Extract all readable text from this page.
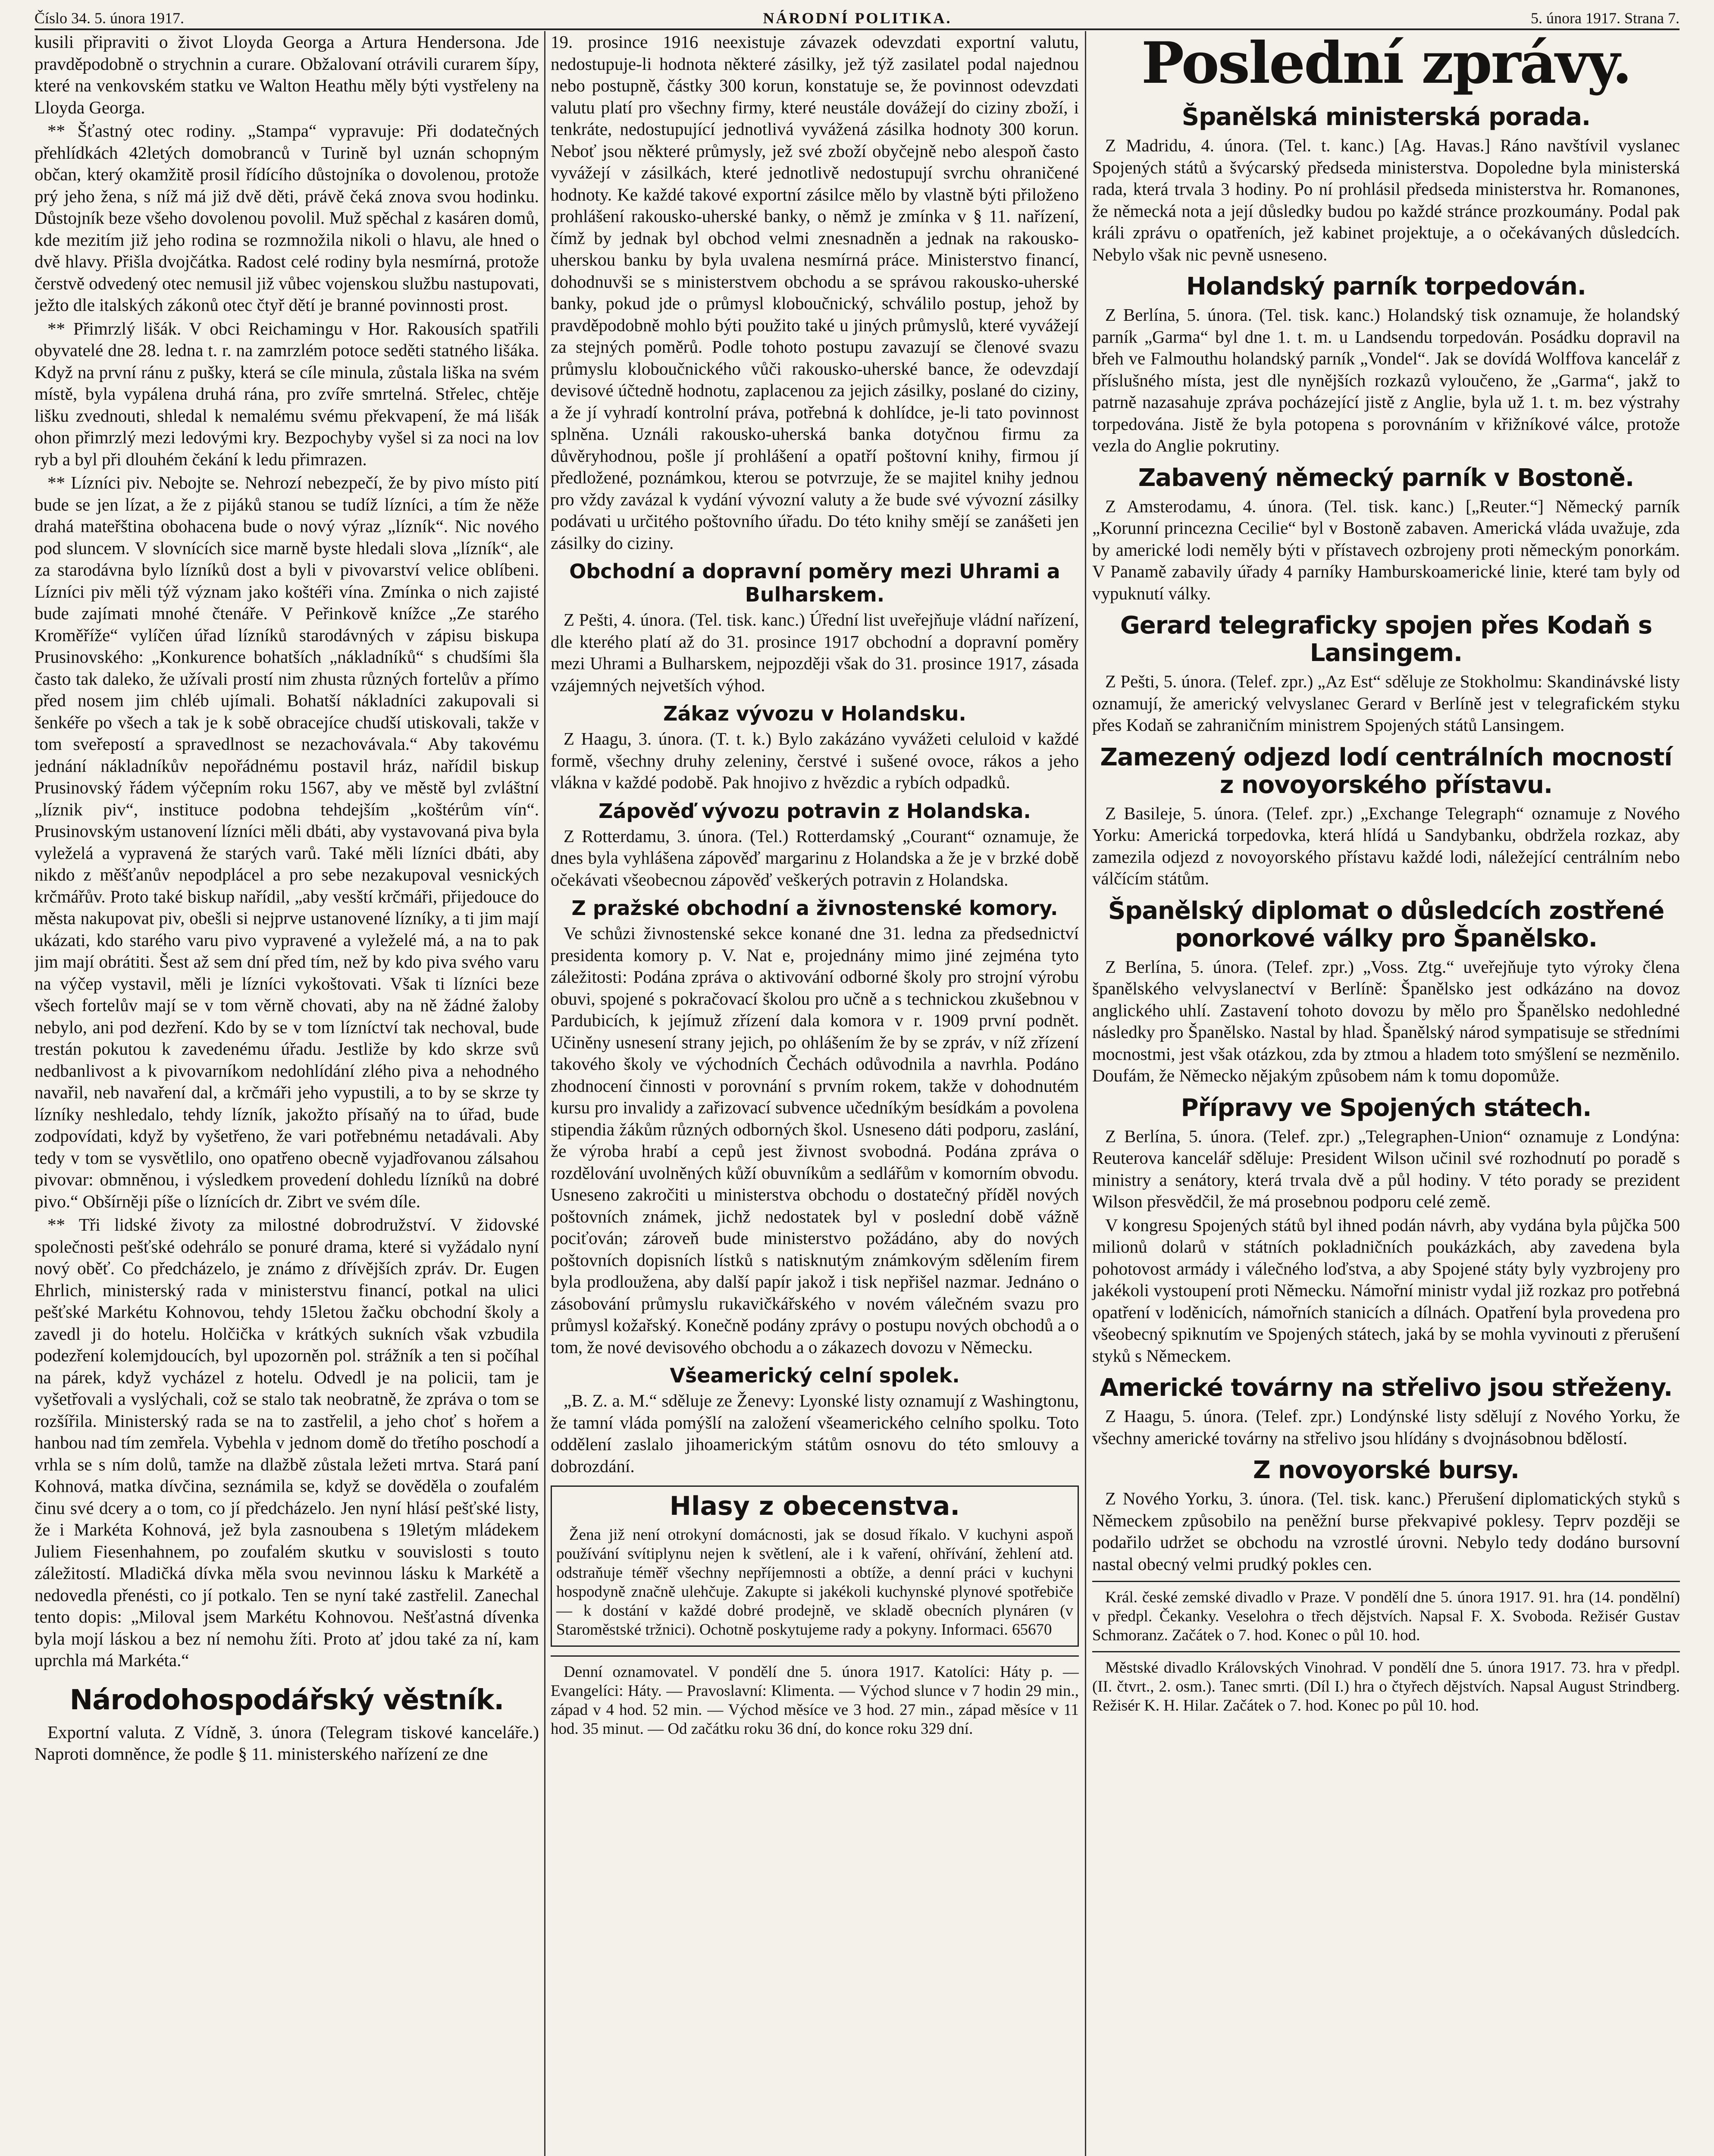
Číslo 34. 5. února 1917.	NÁRODNÍ POLITIKA.	5. února 1917. Strana 7.

kusili připraviti o život Lloyda Georga a Artura Hendersona. Jde pravděpodobně o strychnin a curare. Obžalovaní otrávili curarem šípy, které na venkovském statku ve Walton Heathu měly býti vystřeleny na Lloyda Georga.

** Šťastný otec rodiny. „Stampa“ vypravuje: Při dodatečných přehlídkách 42letých domobranců v Turině byl uznán schopným občan, který okamžitě prosil řídícího důstojníka o dovolenou, protože prý jeho žena, s níž má již dvě děti, právě čeká znova svou hodinku. Důstojník beze všeho dovolenou povolil. Muž spěchal z kasáren domů, kde mezitím již jeho rodina se rozmnožila nikoli o hlavu, ale hned o dvě hlavy. Přišla dvojčátka. Radost celé rodiny byla nesmírná, protože čerstvě odvedený otec nemusil již vůbec vojenskou službu nastupovati, ježto dle italských zákonů otec čtyř dětí je branné povinnosti prost.

** Přimrzlý lišák. V obci Reichamingu v Hor. Rakousích spatřili obyvatelé dne 28. ledna t. r. na zamrzlém potoce seděti statného lišáka. Když na první ránu z pušky, která se cíle minula, zůstala liška na svém místě, byla vypálena druhá rána, pro zvíře smrtelná. Střelec, chtěje lišku zvednouti, shledal k nemalému svému překvapení, že má lišák ohon přimrzlý mezi ledovými kry. Bezpochyby vyšel si za noci na lov ryb a byl při dlouhém čekání k ledu přimrazen.

** Lízníci piv. Nebojte se. Nehrozí nebezpečí, že by pivo místo pití bude se jen lízat, a že z pijáků stanou se tudíž lízníci, a tím že něže drahá mateřština obohacena bude o nový výraz „lízník“. Nic nového pod sluncem. V slovnících sice marně byste hledali slova „lízník“, ale za starodávna bylo lízníků dost a byli v pivovarství velice oblíbeni. Lízníci piv měli týž význam jako koštéři vína. Zmínka o nich zajisté bude zajímati mnohé čtenáře. V Peřinkově knížce „Ze starého Kroměříže“ vylíčen úřad lízníků starodávných v zápisu biskupa Prusinovského: „Konkurence bohatších „nákladníků“ s chudšími šla často tak daleko, že užívali prostí nim zhusta různých fortelův a přímo před nosem jim chléb ujímali. Bohatší nákladníci zakupovali si šenkéře po všech a tak je k sobě obracejíce chudší utiskovali, takže v tom sveřepostí a spravedlnost se nezachovávala.“ Aby takovému jednání nákladníkův nepořádnému postavil hráz, nařídil biskup Prusinovský řádem výčepním roku 1567, aby ve městě byl zvláštní „líznik piv“, instituce podobna tehdejším „koštérům vín“. Prusinovským ustanovení lízníci měli dbáti, aby vystavovaná piva byla vyleželá a vypravená že starých varů. Také měli lízníci dbáti, aby nikdo z měšťanův nepodplácel a pro sebe nezakupoval vesnických krčmářův. Proto také biskup nařídil, „aby vesští krčmáři, přijedouce do města nakupovat piv, obešli si nejprve ustanovené lízníky, a ti jim mají ukázati, kdo starého varu pivo vypravené a vyleželé má, a na to pak jim mají obrátiti. Šest až sem dní před tím, než by kdo piva svého varu na výčep vystavil, měli je lízníci vykoštovati. Však ti lízníci beze všech fortelův mají se v tom věrně chovati, aby na ně žádné žaloby nebylo, ani pod dezření. Kdo by se v tom lízníctví tak nechoval, bude trestán pokutou k zavedenému úřadu. Jestliže by kdo skrze svů nedbanlivost a k pivovarníkom nedohlídání zlého piva a nehodného navařil, neb navaření dal, a krčmáři jeho vypustili, a to by se skrze ty lízníky neshledalo, tehdy lízník, jakožto přísaňý na to úřad, bude zodpovídati, když by vyšetřeno, že vari potřebnému netadávali. Aby tedy v tom se vysvětlilo, ono opatřeno obecně vyjadřovanou zálsahou pivovar: obmněnou, i výsledkem provedení dohledu lízníků na dobré pivo.“ Obšírněji píše o líznících dr. Zibrt ve svém díle.

** Tři lidské životy za milostné dobrodružství. V židovské společnosti pešťské odehrálo se ponuré drama, které si vyžádalo nyní nový oběť. Co předcházelo, je známo z dřívějších zpráv. Dr. Eugen Ehrlich, ministerský rada v ministerstvu financí, potkal na ulici pešťské Markétu Kohnovou, tehdy 15letou žačku obchodní školy a zavedl ji do hotelu. Holčička v krátkých sukních však vzbudila podezření kolemjdoucích, byl upozorněn pol. strážník a ten si počíhal na párek, když vycházel z hotelu. Odvedl je na policii, tam je vyšetřovali a vyslýchali, což se stalo tak neobratně, že zpráva o tom se rozšířila. Ministerský rada se na to zastřelil, a jeho choť s hořem a hanbou nad tím zemřela. Vybehla v jednom domě do třetího poschodí a vrhla se s ním dolů, tamže na dlažbě zůstala ležeti mrtva. Stará paní Kohnová, matka dívčina, seznámila se, když se dověděla o zoufalém činu své dcery a o tom, co jí předcházelo. Jen nyní hlásí pešťské listy, že i Markéta Kohnová, jež byla zasnoubena s 19letým mládekem Juliem Fiesenhahnem, po zoufalém skutku v souvislosti s touto záležitostí. Mladičká dívka měla svou nevinnou lásku k Markétě a nedovedla přenésti, co jí potkalo. Ten se nyní také zastřelil. Zanechal tento dopis: „Miloval jsem Markétu Kohnovou. Nešťastná dívenka byla mojí láskou a bez ní nemohu žíti. Proto ať jdou také za ní, kam uprchla má Markéta.“

Národohospodářský věstník.

Exportní valuta. Z Vídně, 3. února (Telegram tiskové kanceláře.) Naproti domněnce, že podle § 11. ministerského nařízení ze dne

19. prosince 1916 neexistuje závazek odevzdati exportní valutu, nedostupuje-li hodnota některé zásilky, jež týž zasilatel podal najednou nebo postupně, částky 300 korun, konstatuje se, že povinnost odevzdati valutu platí pro všechny firmy, které neustále dovážejí do ciziny zboží, i tenkráte, nedostupující jednotlivá vyvážená zásilka hodnoty 300 korun. Neboť jsou některé průmysly, jež své zboží obyčejně nebo alespoň často vyvážejí v zásilkách, které jednotlivě nedostupují svrchu ohraničené hodnoty. Ke každé takové exportní zásilce mělo by vlastně býti přiloženo prohlášení rakousko-uherské banky, o němž je zmínka v § 11. nařízení, čímž by jednak byl obchod velmi znesnadněn a jednak na rakousko-uherskou banku by byla uvalena nesmírná práce. Ministerstvo financí, dohodnuvši se s ministerstvem obchodu a se správou rakousko-uherské banky, pokud jde o průmysl kloboučnický, schválilo postup, jehož by pravděpodobně mohlo býti použito také u jiných průmyslů, které vyvážejí za stejných poměrů. Podle tohoto postupu zavazují se členové svazu průmyslu kloboučnického vůči rakousko-uherské bance, že odevzdají devisové účtedně hodnotu, zaplacenou za jejich zásilky, poslané do ciziny, a že jí vyhradí kontrolní práva, potřebná k dohlídce, je-li tato povinnost splněna. Uználi rakousko-uherská banka dotyčnou firmu za důvěryhodnou, pošle jí prohlášení a opatří poštovní knihy, firmou jí předložené, poznámkou, kterou se potvrzuje, že se majitel knihy jednou pro vždy zavázal k vydání vývozní valuty a že bude své vývozní zásilky podávati u určitého poštovního úřadu. Do této knihy smějí se zanášeti jen zásilky do ciziny.

Obchodní a dopravní poměry mezi Uhrami a Bulharskem.

Z Pešti, 4. února. (Tel. tisk. kanc.) Úřední list uveřejňuje vládní nařízení, dle kterého platí až do 31. prosince 1917 obchodní a dopravní poměry mezi Uhrami a Bulharskem, nejpozději však do 31. prosince 1917, zásada vzájemných nejvetších výhod.

Zákaz vývozu v Holandsku.

Z Haagu, 3. února. (T. t. k.) Bylo zakázáno vyvážeti celuloid v každé formě, všechny druhy zeleniny, čerstvé i sušené ovoce, rákos a jeho vlákna v každé podobě. Pak hnojivo z hvězdic a rybích odpadků.

Zápověď vývozu potravin z Holandska.

Z Rotterdamu, 3. února. (Tel.) Rotterdamský „Courant“ oznamuje, že dnes byla vyhlášena zápověď margarinu z Holandska a že je v brzké době očekávati všeobecnou zápověď veškerých potravin z Holandska.

Z pražské obchodní a živnostenské komory.

Ve schůzi živnostenské sekce konané dne 31. ledna za předsednictví presidenta komory p. V. Nat e, projednány mimo jiné zejména tyto záležitosti: Podána zpráva o aktivování odborné školy pro strojní výrobu obuvi, spojené s pokračovací školou pro učně a s technickou zkušebnou v Pardubicích, k jejímuž zřízení dala komora v r. 1909 první podnět. Učiněny usnesení strany jejich, po ohlášením že by se zpráv, v níž zřízení takového školy ve východních Čechách odůvodnila a navrhla. Podáno zhodnocení činnosti v porovnání s prvním rokem, takže v dohodnutém kursu pro invalidy a zařizovací subvence učedníkým besídkám a povolena stipendia žákům různých odborných škol. Usneseno dáti podporu, zaslání, že výroba hrabí a cepů jest živnost svobodná. Podána zpráva o rozdělování uvolněných kůží obuvníkům a sedlářům v komorním obvodu. Usneseno zakročiti u ministerstva obchodu o dostatečný příděl nových poštovních známek, jichž nedostatek byl v poslední době vážně pociťován; zároveň bude ministerstvo požádáno, aby do nových poštovních dopisních lístků s natisknutým známkovým sdělením firem byla prodloužena, aby další papír jakož i tisk nepřišel nazmar. Jednáno o zásobování průmyslu rukavičkářského v novém válečném svazu pro průmysl kožařský. Konečně podány zprávy o postupu nových obchodů a o tom, že nové devisového obchodu a o zákazech dovozu v Německu.

Všeamerický celní spolek.

„B. Z. a. M.“ sděluje ze Ženevy: Lyonské listy oznamují z Washingtonu, že tamní vláda pomýšlí na založení všeamerického celního spolku. Toto oddělení zaslalo jihoamerickým státům osnovu do této smlouvy a dobrozdání.

Hlasy z obecenstva.

Žena již není otrokyní domácnosti, jak se dosud říkalo. V kuchyni aspoň používání svítiplynu nejen k světlení, ale i k vaření, ohřívání, žehlení atd. odstraňuje téměř všechny nepříjemnosti a obtíže, a denní práci v kuchyni hospodyně značně ulehčuje. Zakupte si jakékoli kuchynské plynové spotřebiče — k dostání v každé dobré prodejně, ve skladě obecních plynáren (v Staroměstské tržnici). Ochotně poskytujeme rady a pokyny. Informaci. 65670

Denní oznamovatel. V pondělí dne 5. února 1917. Katolíci: Háty p. — Evangelíci: Háty. — Pravoslavní: Klimenta. — Východ slunce v 7 hodin 29 min., západ v 4 hod. 52 min. — Východ měsíce ve 3 hod. 27 min., západ měsíce v 11 hod. 35 minut. — Od začátku roku 36 dní, do konce roku 329 dní.

Poslední zprávy.
Španělská ministerská porada.

Z Madridu, 4. února. (Tel. t. kanc.) [Ag. Havas.] Ráno navštívil vyslanec Spojených států a švýcarský předseda ministerstva. Dopoledne byla ministerská rada, která trvala 3 hodiny. Po ní prohlásil předseda ministerstva hr. Romanones, že německá nota a její důsledky budou po každé stránce prozkoumány. Podal pak králi zprávu o opatřeních, jež kabinet projektuje, a o očekávaných důsledcích. Nebylo však nic pevně usneseno.

Holandský parník torpedován.

Z Berlína, 5. února. (Tel. tisk. kanc.) Holandský tisk oznamuje, že holandský parník „Garma“ byl dne 1. t. m. u Landsendu torpedován. Posádku dopravil na břeh ve Falmouthu holandský parník „Vondel“. Jak se dovídá Wolffova kancelář z příslušného místa, jest dle nynějších rozkazů vyloučeno, že „Garma“, jakž to patrně nazasahuje zpráva pocházející jistě z Anglie, byla už 1. t. m. bez výstrahy torpedována. Jistě že byla potopena s porovnáním v křižníkové válce, protože vezla do Anglie pokrutiny.

Zabavený německý parník v Bostoně.

Z Amsterodamu, 4. února. (Tel. tisk. kanc.) [„Reuter.“] Německý parník „Korunní princezna Cecilie“ byl v Bostoně zabaven. Americká vláda uvažuje, zda by americké lodi neměly býti v přístavech ozbrojeny proti německým ponorkám. V Panamě zabavily úřady 4 parníky Hamburskoamerické linie, které tam byly od vypuknutí války.

Gerard telegraficky spojen přes Kodaň s Lansingem.

Z Pešti, 5. února. (Telef. zpr.) „Az Est“ sděluje ze Stokholmu: Skandinávské listy oznamují, že americký velvyslanec Gerard v Berlíně jest v telegrafickém styku přes Kodaň se zahraničním ministrem Spojených států Lansingem.

Zamezený odjezd lodí centrálních mocností z novoyorského přístavu.

Z Basileje, 5. února. (Telef. zpr.) „Exchange Telegraph“ oznamuje z Nového Yorku: Americká torpedovka, která hlídá u Sandybanku, obdržela rozkaz, aby zamezila odjezd z novoyorského přístavu každé lodi, náležející centrálním nebo válčícím státům.

Španělský diplomat o důsledcích zostřené ponorkové války pro Španělsko.

Z Berlína, 5. února. (Telef. zpr.) „Voss. Ztg.“ uveřejňuje tyto výroky člena španělského velvyslanectví v Berlíně: Španělsko jest odkázáno na dovoz anglického uhlí. Zastavení tohoto dovozu by mělo pro Španělsko nedohledné následky pro Španělsko. Nastal by hlad. Španělský národ sympatisuje se středními mocnostmi, jest však otázkou, zda by ztmou a hladem toto smýšlení se nezměnilo. Doufám, že Německo nějakým způsobem nám k tomu dopomůže.

Přípravy ve Spojených státech.

Z Berlína, 5. února. (Telef. zpr.) „Telegraphen-Union“ oznamuje z Londýna: Reuterova kancelář sděluje: President Wilson učinil své rozhodnutí po poradě s ministry a senátory, která trvala dvě a půl hodiny. V této porady se prezident Wilson přesvědčil, že má prosebnou podporu celé země.

V kongresu Spojených států byl ihned podán návrh, aby vydána byla půjčka 500 milionů dolarů v státních pokladničních poukázkách, aby zavedena byla pohotovost armády i válečného loďstva, a aby Spojené státy byly vyzbrojeny pro jakékoli vystoupení proti Německu. Námořní ministr vydal již rozkaz pro potřebná opatření v loděnicích, námořních stanicích a dílnách. Opatření byla provedena pro všeobecný spiknutím ve Spojených státech, jaká by se mohla vyvinouti z přerušení styků s Německem.

Americké továrny na střelivo jsou střeženy.

Z Haagu, 5. února. (Telef. zpr.) Londýnské listy sdělují z Nového Yorku, že všechny americké továrny na střelivo jsou hlídány s dvojnásobnou bdělostí.

Z novoyorské bursy.

Z Nového Yorku, 3. února. (Tel. tisk. kanc.) Přerušení diplomatických styků s Německem způsobilo na peněžní burse překvapivé poklesy. Teprv později se podařilo udržet se obchodu na vzrostlé úrovni. Nebylo tedy dodáno bursovní nastal obecný velmi prudký pokles cen.

Král. české zemské divadlo v Praze. V pondělí dne 5. února 1917. 91. hra (14. pondělní) v předpl. Čekanky. Veselohra o třech dějstvích. Napsal F. X. Svoboda. Režisér Gustav Schmoranz. Začátek o 7. hod. Konec o půl 10. hod.

Městské divadlo Královských Vinohrad. V pondělí dne 5. února 1917. 73. hra v předpl. (II. čtvrt., 2. osm.). Tanec smrti. (Díl I.) hra o čtyřech dějstvích. Napsal August Strindberg. Režisér K. H. Hilar. Začátek o 7. hod. Konec po půl 10. hod.
